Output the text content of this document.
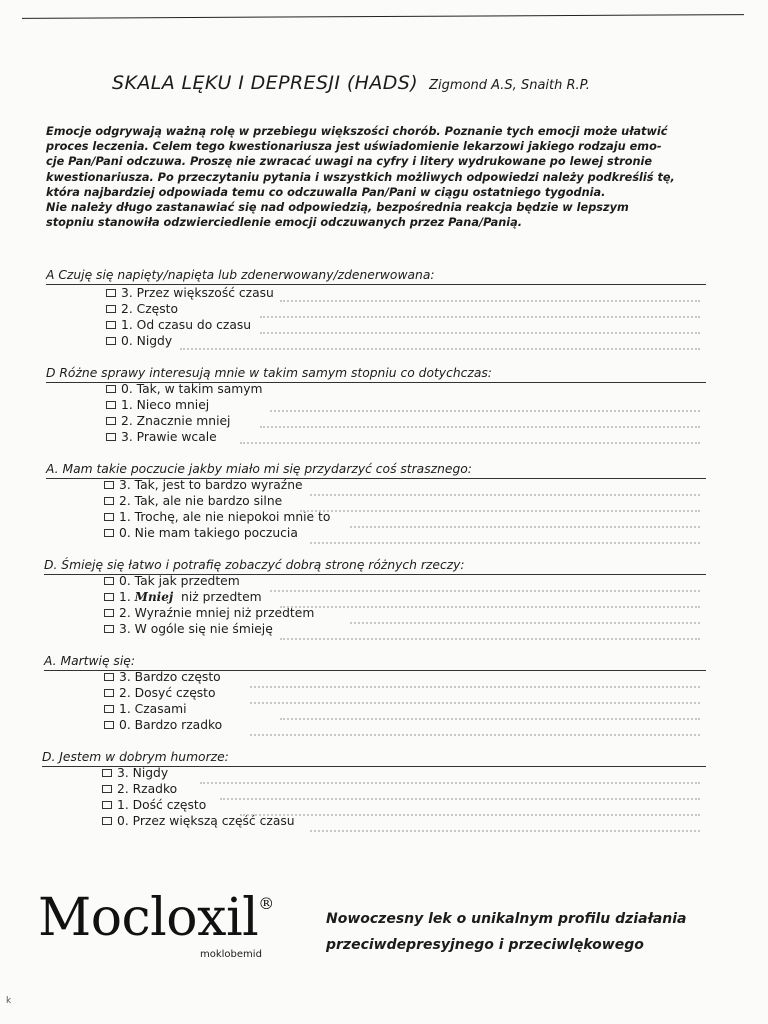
SKALA LĘKU I DEPRESJI (HADS) Zigmond A.S, Snaith R.P.
Emocje odgrywają ważną rolę w przebiegu większości chorób. Poznanie tych emocji może ułatwić
proces leczenia. Celem tego kwestionariusza jest uświadomienie lekarzowi jakiego rodzaju emo-
cje Pan/Pani odczuwa. Proszę nie zwracać uwagi na cyfry i litery wydrukowane po lewej stronie
kwestionariusza. Po przeczytaniu pytania i wszystkich możliwych odpowiedzi należy podkreśliś tę,
która najbardziej odpowiada temu co odczuwalla Pan/Pani w ciągu ostatniego tygodnia.
Nie należy długo zastanawiać się nad odpowiedzią, bezpośrednia reakcja będzie w lepszym
stopniu stanowiła odzwierciedlenie emocji odczuwanych przez Pana/Panią.
A Czuję się napięty/napięta lub zdenerwowany/zdenerwowana:
3. Przez większość czasu
2. Często
1. Od czasu do czasu
0. Nigdy
D Różne sprawy interesują mnie w takim samym stopniu co dotychczas:
0. Tak, w takim samym
1. Nieco mniej
2. Znacznie mniej
3. Prawie wcale
A. Mam takie poczucie jakby miało mi się przydarzyć coś strasznego:
3. Tak, jest to bardzo wyraźne
2. Tak, ale nie bardzo silne
1. Trochę, ale nie niepokoi mnie to
0. Nie mam takiego poczucia
D. Śmieję się łatwo i potrafię zobaczyć dobrą stronę różnych rzeczy:
0. Tak jak przedtem
1.
Mniej
niż przedtem
2. Wyraźnie mniej niż przedtem
3. W ogóle się nie śmieję
A. Martwię się:
3. Bardzo często
2. Dosyć często
1. Czasami
0. Bardzo rzadko
D. Jestem w dobrym humorze:
3. Nigdy
2. Rzadko
1. Dość często
0. Przez większą część czasu
Mocloxil®
moklobemid
Nowoczesny lek o unikalnym profilu działania
przeciwdepresyjnego i przeciwlękowego
k
